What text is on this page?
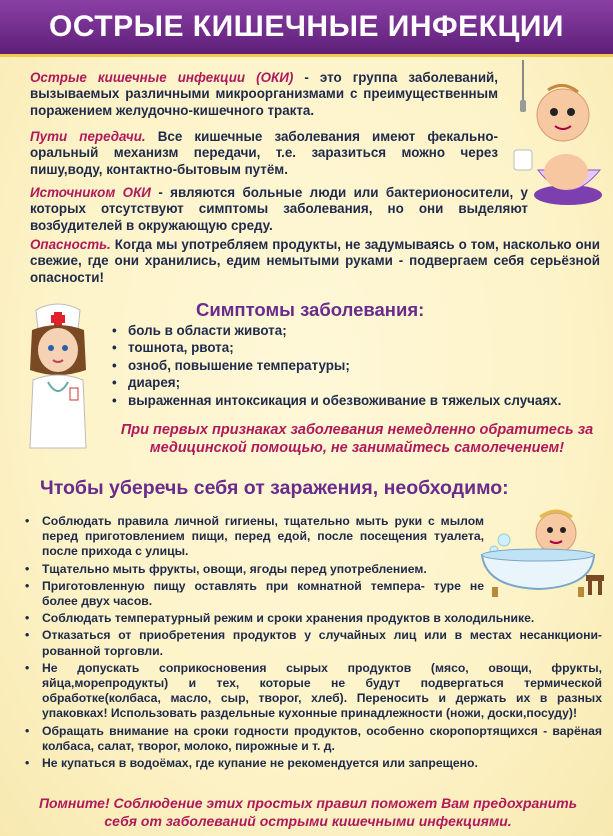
ОСТРЫЕ КИШЕЧНЫЕ ИНФЕКЦИИ

Острые кишечные инфекции (ОКИ) - это группа заболеваний, вызываемых различными микроорганизмами с преимущественным поражением желудочно-кишечного тракта.

Пути передачи. Все кишечные заболевания имеют фекально-оральный механизм передачи, т.е. заразиться можно через пишу,воду, контактно-бытовым путём.

Источником ОКИ - являются больные люди или бактерионосители, у которых отсутствуют симптомы заболевания, но они выделяют возбудителей в окружающую среду.

Опасность. Когда мы употребляем продукты, не задумываясь о том, насколько они свежие, где они хранились, едим немытыми руками - подвергаем себя серьёзной опасности!

Симптомы заболевания:

• боль в области живота;
• тошнота, рвота;
• озноб, повышение температуры;
• диарея;
• выраженная интоксикация и обезвоживание в тяжелых случаях.

При первых признаках заболевания немедленно обратитесь за медицинской помощью, не занимайтесь самолечением!

Чтобы уберечь себя от заражения, необходимо:

• Соблюдать правила личной гигиены, тщательно мыть руки с мылом перед приготовлением пищи, перед едой, после посещения туалета, после прихода с улицы.
• Тщательно мыть фрукты, овощи, ягоды перед употреблением.
• Приготовленную пищу оставлять при комнатной темпера- туре не более двух часов.
• Соблюдать температурный режим и сроки хранения продуктов в холодильнике.
• Отказаться от приобретения продуктов у случайных лиц или в местах несанкциони- рованной торговли.
• Не допускать соприкосновения сырых продуктов (мясо, овощи, фрукты, яйца,морепродукты) и тех, которые не будут подвергаться термической обработке(колбаса, масло, сыр, творог, хлеб). Переносить и держать их в разных упаковках! Использовать раздельные кухонные принадлежности (ножи, доски,посуду)!
• Обращать внимание на сроки годности продуктов, особенно скоропортящихся - варёная колбаса, салат, творог, молоко, пирожные и т. д.
• Не купаться в водоёмах, где купание не рекомендуется или запрещено.

Помните! Соблюдение этих простых правил поможет Вам предохранить себя от заболеваний острыми кишечными инфекциями.
